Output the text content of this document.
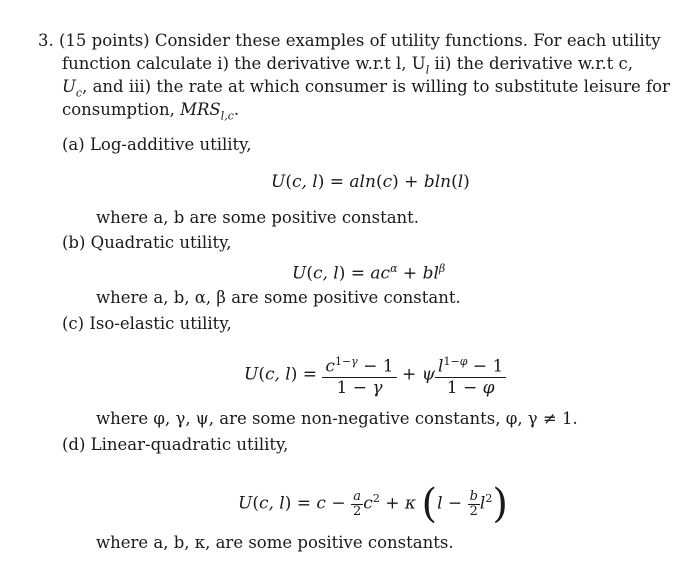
3. (15 points) Consider these examples of utility functions. For each utility
function calculate i) the derivative w.r.t l, $U_l$ ii) the derivative w.r.t c,
$U_c$, and iii) the rate at which consumer is willing to substitute leisure for
consumption, $MRS_{l,c}$.
(a) Log-additive utility,
U(c, l) = aln(c) + bln(l)
where a, b are some positive constant.
(b) Quadratic utility,
U(c, $l) = ac^\alpha + bl^\beta$
where a, b, α, β are some positive constant.
(c) Iso-elastic utility,
U(c, $l) = \frac{c^{1-\gamma} - 1}{1 - \gamma} + \psi \frac{l^{1-\varphi} - 1}{1 - \varphi}$
where φ, γ, ψ, are some non-negative constants, φ, γ ≠ 1.
(d) Linear-quadratic utility,
U(c, $l) = c - \frac{a}{2} c^2 + \kappa$ $(l - \frac{b}{2} l^2)$
where a, b, κ, are some positive constants.
